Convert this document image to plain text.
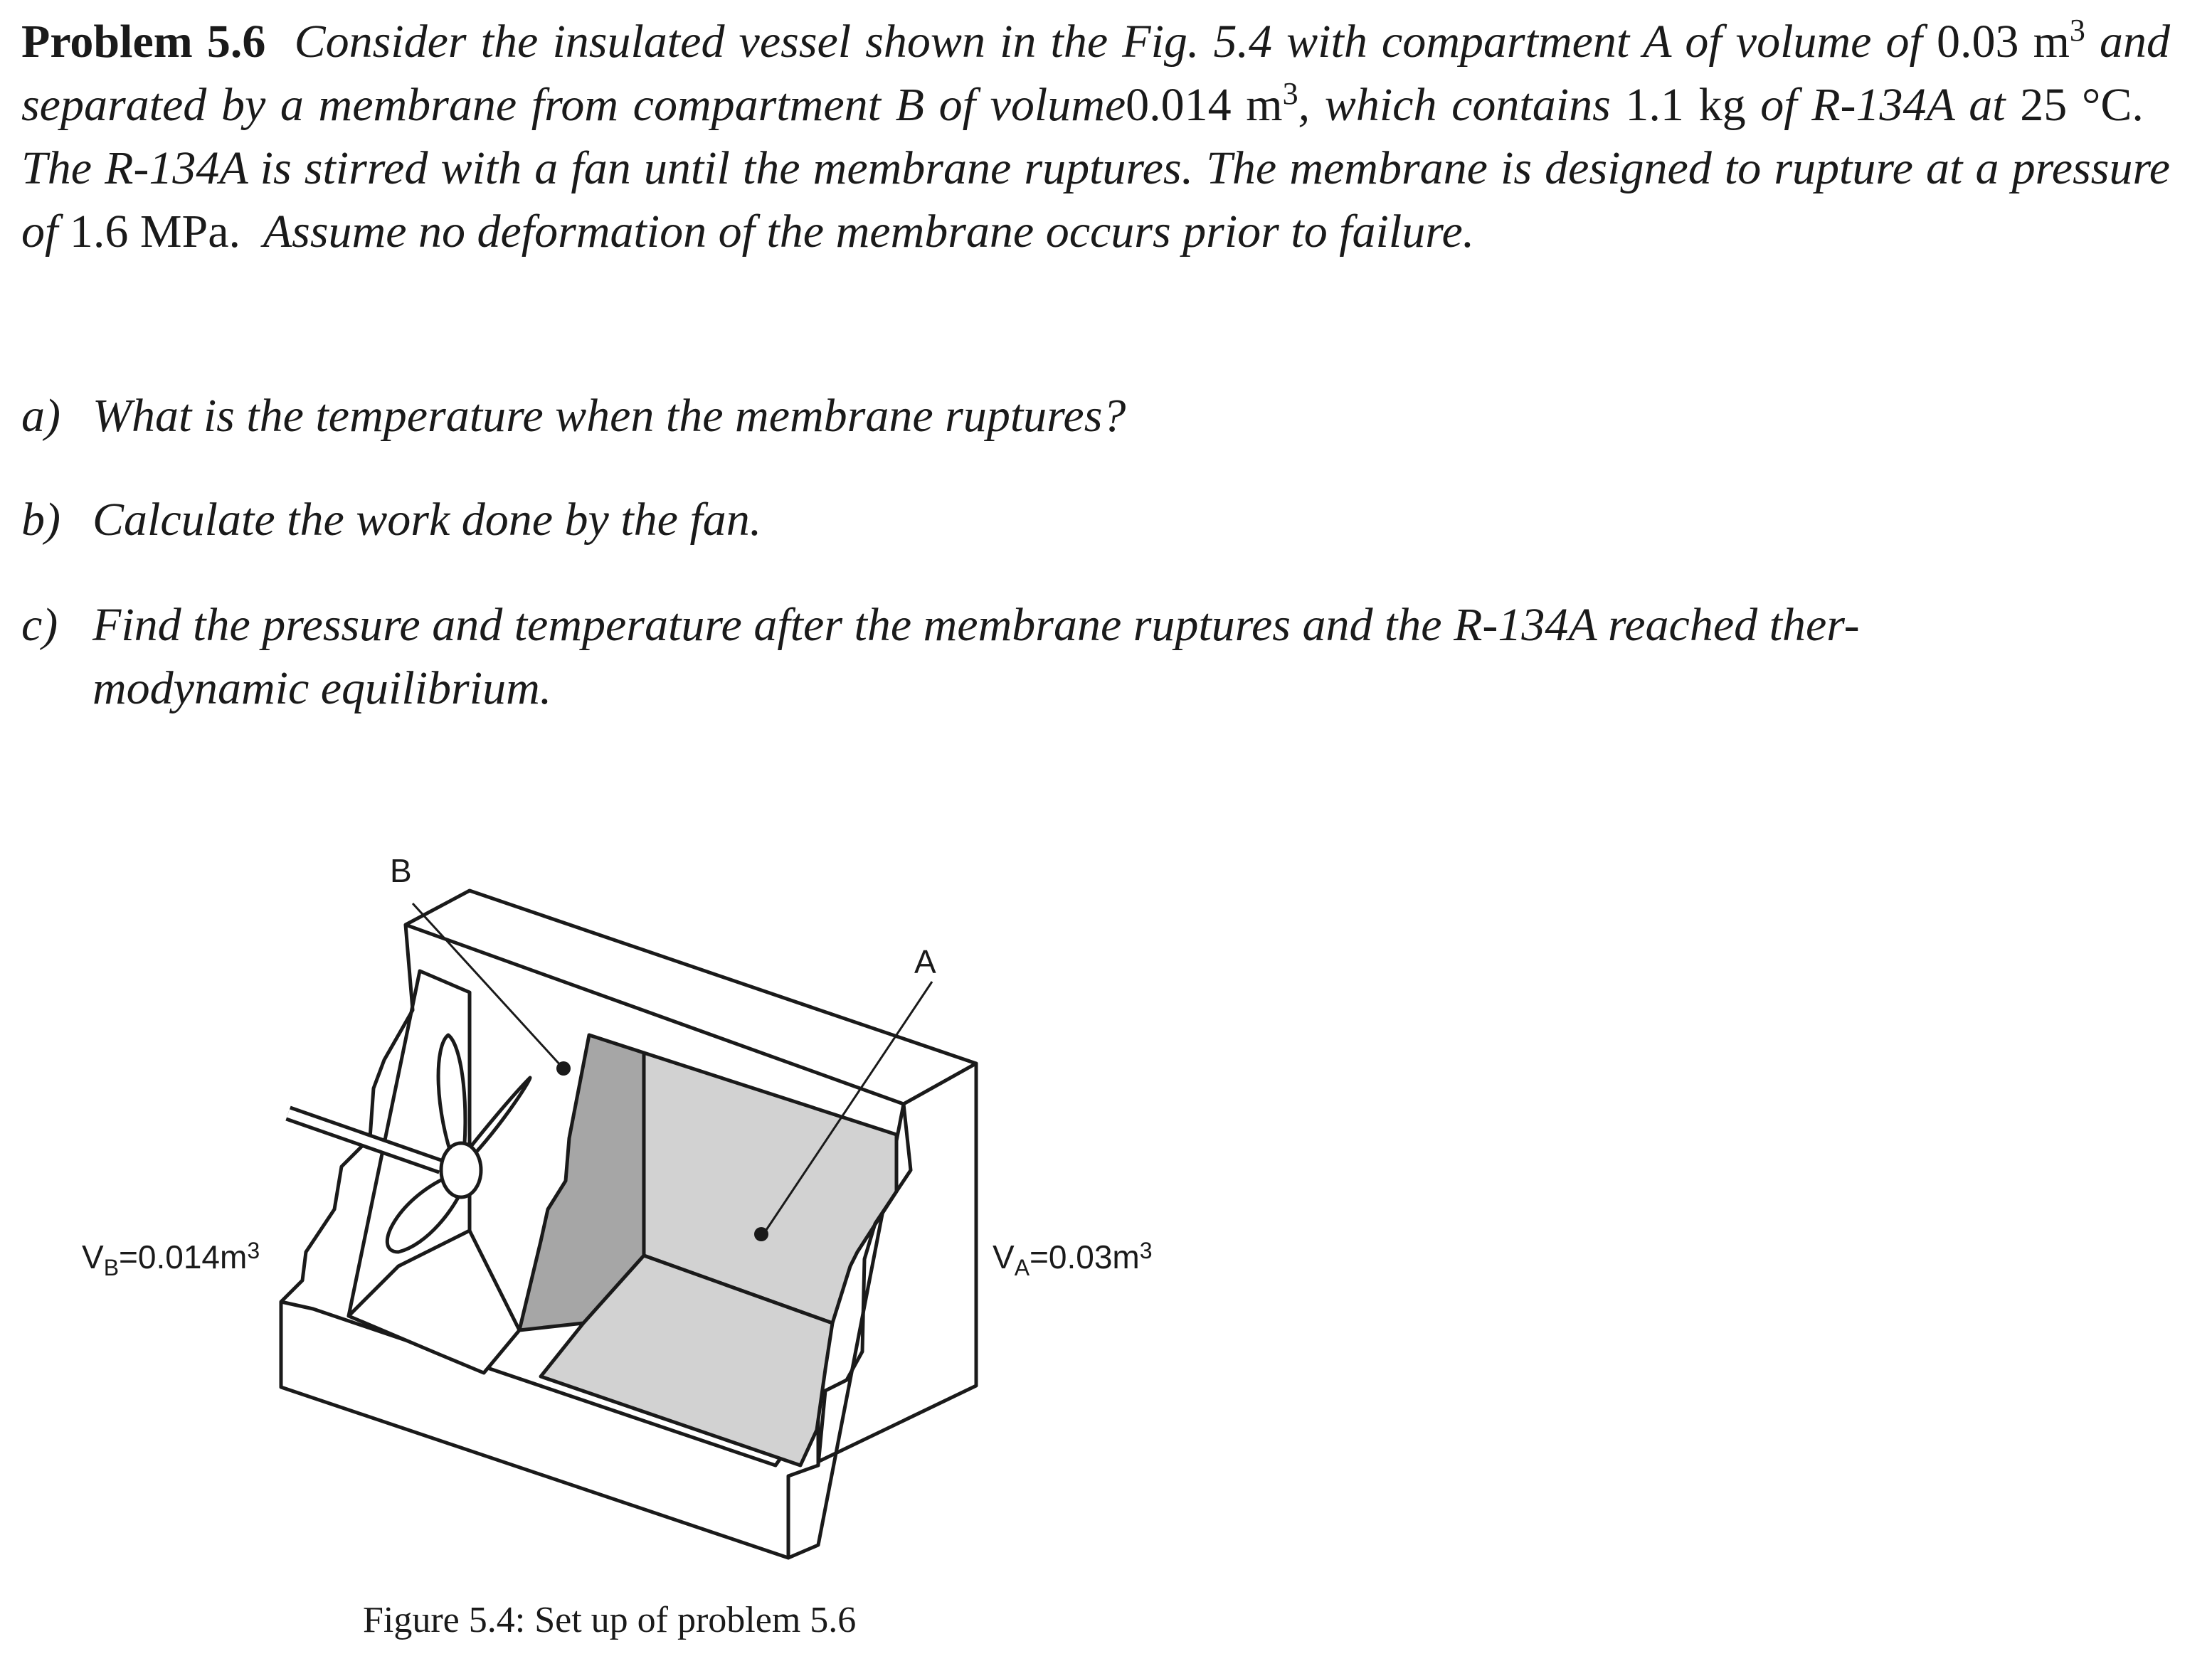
Problem 5.6 Consider the insulated vessel shown in the Fig. 5.4 with compartment A of volume of 0.03 $m^3$ and separated by a membrane from compartment B of volume0.014 $m^3$, which contains 1.1 kg of R-134A at 25 °C.   The R-134A is stirred with a fan until the membrane ruptures. The membrane is designed to rupture at a pressure of 1.6 MPa. Assume no deformation of the membrane occurs prior to failure.
a) What is the temperature when the membrane ruptures?
b) Calculate the work done by the fan.
c) Find the pressure and temperature after the membrane ruptures and the R-134A reached ther-
modynamic equilibrium.
B
A
$V_B=0.014m^3$	$V_A=0.03m^3$
Figure 5.4: Set up of problem 5.6
